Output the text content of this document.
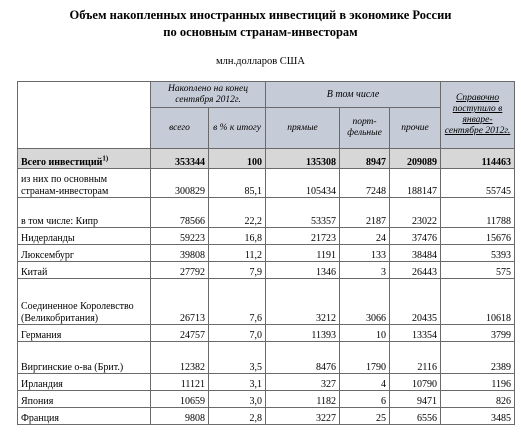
Объем накопленных иностранных инвестиций в экономике России
по основным странам-инвесторам
млн.долларов США
	Накоплено на конец сентября 2012г.		В том числе			Справочно поступило в январе-сентябре 2012г.
	всего	в % к итогу	прямые	порт-фельные	прочие	
Всего инвестиций$^{1)}$	353344	100	135308	8947	209089	114463
из них по основным странам-инвесторам	300829	85,1	105434	7248	188147	55745
в том числе: Кипр	78566	22,2	53357	2187	23022	11788
Нидерланды	59223	16,8	21723	24	37476	15676
Люксембург	39808	11,2	1191	133	38484	5393
Китай	27792	7,9	1346	3	26443	575
Соединенное Королевство (Великобритания)	26713	7,6	3212	3066	20435	10618
Германия	24757	7,0	11393	10	13354	3799
Виргинские о-ва (Брит.)	12382	3,5	8476	1790	2116	2389
Ирландия	11121	3,1	327	4	10790	1196
Япония	10659	3,0	1182	6	9471	826
Франция	9808	2,8	3227	25	6556	3485
